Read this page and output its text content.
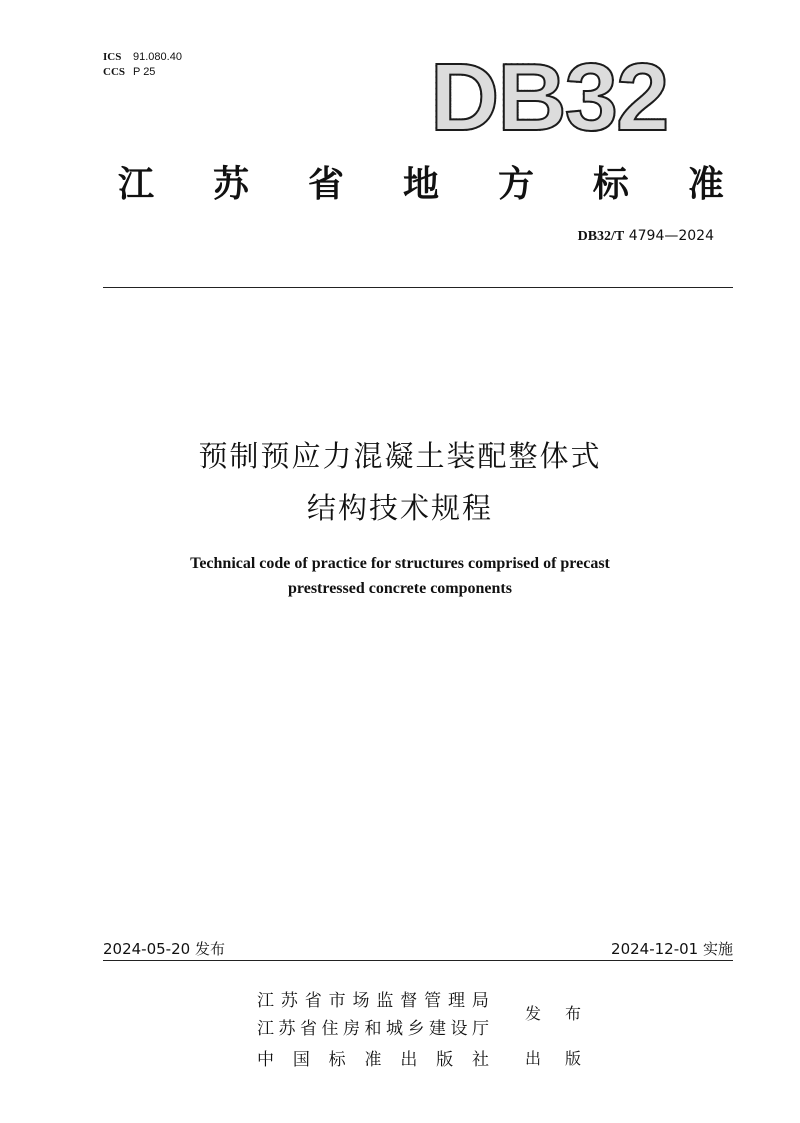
ICS 91.080.40
CCS P 25	DB32
江 苏 省 地 方 标 准
DB32/T 4794—2024
预制预应力混凝土装配整体式
结构技术规程
Technical code of practice for structures comprised of precast
prestressed concrete components
2024-05-20 发布	2024-12-01 实施
江 苏 省 市 场 监 督 管 理 局
江 苏 省 住 房 和 城 乡 建 设 厅
中 国 标 准 出 版 社
发 布
出 版
